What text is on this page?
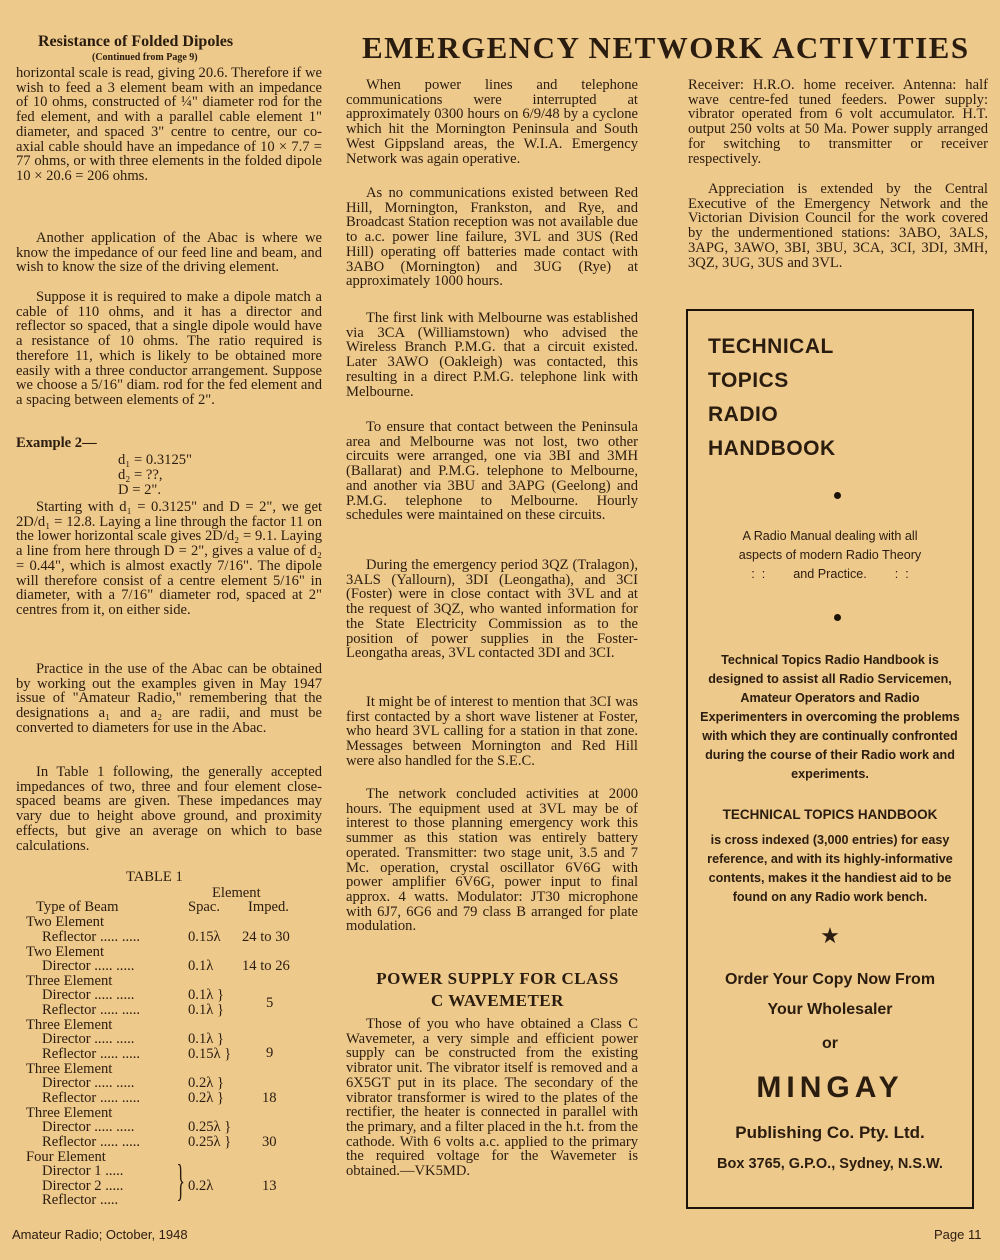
EMERGENCY NETWORK ACTIVITIES
Resistance of Folded Dipoles
(Continued from Page 9)

horizontal scale is read, giving 20.6. Therefore if we wish to feed a 3 element beam with an impedance of 10 ohms, constructed of ¼" diameter rod for the fed element, and with a parallel cable element 1" diameter, and spaced 3" centre to centre, our co-axial cable should have an impedance of 10 × 7.7 = 77 ohms, or with three elements in the folded dipole 10 × 20.6 = 206 ohms.

Another application of the Abac is where we know the impedance of our feed line and beam, and wish to know the size of the driving element.

Suppose it is required to make a dipole match a cable of 110 ohms, and it has a director and reflector so spaced, that a single dipole would have a resistance of 10 ohms. The ratio required is therefore 11, which is likely to be obtained more easily with a three conductor arrangement. Suppose we choose a 5/16" diam. rod for the fed element and a spacing between elements of 2".

Example 2—
d₁ = 0.3125"
d₂ = ??,
D = 2".

Starting with d₁ = 0.3125" and D = 2", we get 2D/d₁ = 12.8. Laying a line through the factor 11 on the lower horizontal scale gives 2D/d₂ = 9.1. Laying a line from here through D = 2", gives a value of d₂ = 0.44", which is almost exactly 7/16". The dipole will therefore consist of a centre element 5/16" in diameter, with a 7/16" diameter rod, spaced at 2" centres from it, on either side.

Practice in the use of the Abac can be obtained by working out the examples given in May 1947 issue of "Amateur Radio," remembering that the designations a₁ and a₂ are radii, and must be converted to diameters for use in the Abac.

In Table 1 following, the generally accepted impedances of two, three and four element close-spaced beams are given. These impedances may vary due to height above ground, and proximity effects, but give an average on which to base calculations.

TABLE 1
Element
Type of Beam	Spac. Imped.
Two Element
Reflector ..... .....	0.15λ 24 to 30
Two Element
Director ..... .....	0.1λ 14 to 26
Three Element
Director ..... .....	0.1λ }
Reflector ..... .....	0.1λ }	5
Three Element
Director ..... .....	0.1λ }
Reflector ..... .....	0.15λ } 9
Three Element
Director ..... .....	0.2λ }
Reflector ..... .....	0.2λ }	18
Three Element
Director ..... .....	0.25λ }
Reflector ..... .....	0.25λ } 30
Four Element
Director 1 .....
Director 2 .....	0.2λ	13
Reflector ..... }

When power lines and telephone communications were interrupted at approximately 0300 hours on 6/9/48 by a cyclone which hit the Mornington Peninsula and South West Gippsland areas, the W.I.A. Emergency Network was again operative.

As no communications existed between Red Hill, Mornington, Frankston, and Rye, and Broadcast Station reception was not available due to a.c. power line failure, 3VL and 3US (Red Hill) operating off batteries made contact with 3ABO (Mornington) and 3UG (Rye) at approximately 1000 hours.

The first link with Melbourne was established via 3CA (Williamstown) who advised the Wireless Branch P.M.G. that a circuit existed. Later 3AWO (Oakleigh) was contacted, this resulting in a direct P.M.G. telephone link with Melbourne.

To ensure that contact between the Peninsula area and Melbourne was not lost, two other circuits were arranged, one via 3BI and 3MH (Ballarat) and P.M.G. telephone to Melbourne, and another via 3BU and 3APG (Geelong) and P.M.G. telephone to Melbourne. Hourly schedules were maintained on these circuits.

During the emergency period 3QZ (Tralagon), 3ALS (Yallourn), 3DI (Leongatha), and 3CI (Foster) were in close contact with 3VL and at the request of 3QZ, who wanted information for the State Electricity Commission as to the position of power supplies in the Foster-Leongatha areas, 3VL contacted 3DI and 3CI.

It might be of interest to mention that 3CI was first contacted by a short wave listener at Foster, who heard 3VL calling for a station in that zone. Messages between Mornington and Red Hill were also handled for the S.E.C.

The network concluded activities at 2000 hours. The equipment used at 3VL may be of interest to those planning emergency work this summer as this station was entirely battery operated. Transmitter: two stage unit, 3.5 and 7 Mc. operation, crystal oscillator 6V6G with power amplifier 6V6G, power input to final approx. 4 watts. Modulator: JT30 microphone with 6J7, 6G6 and 79 class B arranged for plate modulation.

POWER SUPPLY FOR CLASS
C WAVEMETER

Those of you who have obtained a Class C Wavemeter, a very simple and efficient power supply can be constructed from the existing vibrator unit. The vibrator itself is removed and a 6X5GT put in its place. The secondary of the vibrator transformer is wired to the plates of the rectifier, the heater is connected in parallel with the primary, and a filter placed in the h.t. from the cathode. With 6 volts a.c. applied to the primary the required voltage for the Wavemeter is obtained.—VK5MD.

Receiver: H.R.O. home receiver. Antenna: half wave centre-fed tuned feeders. Power supply: vibrator operated from 6 volt accumulator. H.T. output 250 volts at 50 Ma. Power supply arranged for switching to transmitter or receiver respectively.

Appreciation is extended by the Central Executive of the Emergency Network and the Victorian Division Council for the work covered by the undermentioned stations: 3ABO, 3ALS, 3APG, 3AWO, 3BI, 3BU, 3CA, 3CI, 3DI, 3MH, 3QZ, 3UG, 3US and 3VL.

TECHNICAL
TOPICS
RADIO
HANDBOOK
A Radio Manual dealing with all
aspects of modern Radio Theory
:  :        and Practice.        :  :
Technical Topics Radio Handbook is designed to assist all Radio Servicemen, Amateur Operators and Radio Experimenters in overcoming the problems with which they are continually confronted during the course of their Radio work and experiments.
TECHNICAL TOPICS HANDBOOK
is cross indexed (3,000 entries) for easy reference, and with its highly-informative contents, makes it the handiest aid to be found on any Radio work bench.
★
Order Your Copy Now From
Your Wholesaler
or
MINGAY
Publishing Co. Pty. Ltd.
Box 3765, G.P.O., Sydney, N.S.W.
Amateur Radio; October, 1948	Page 11
